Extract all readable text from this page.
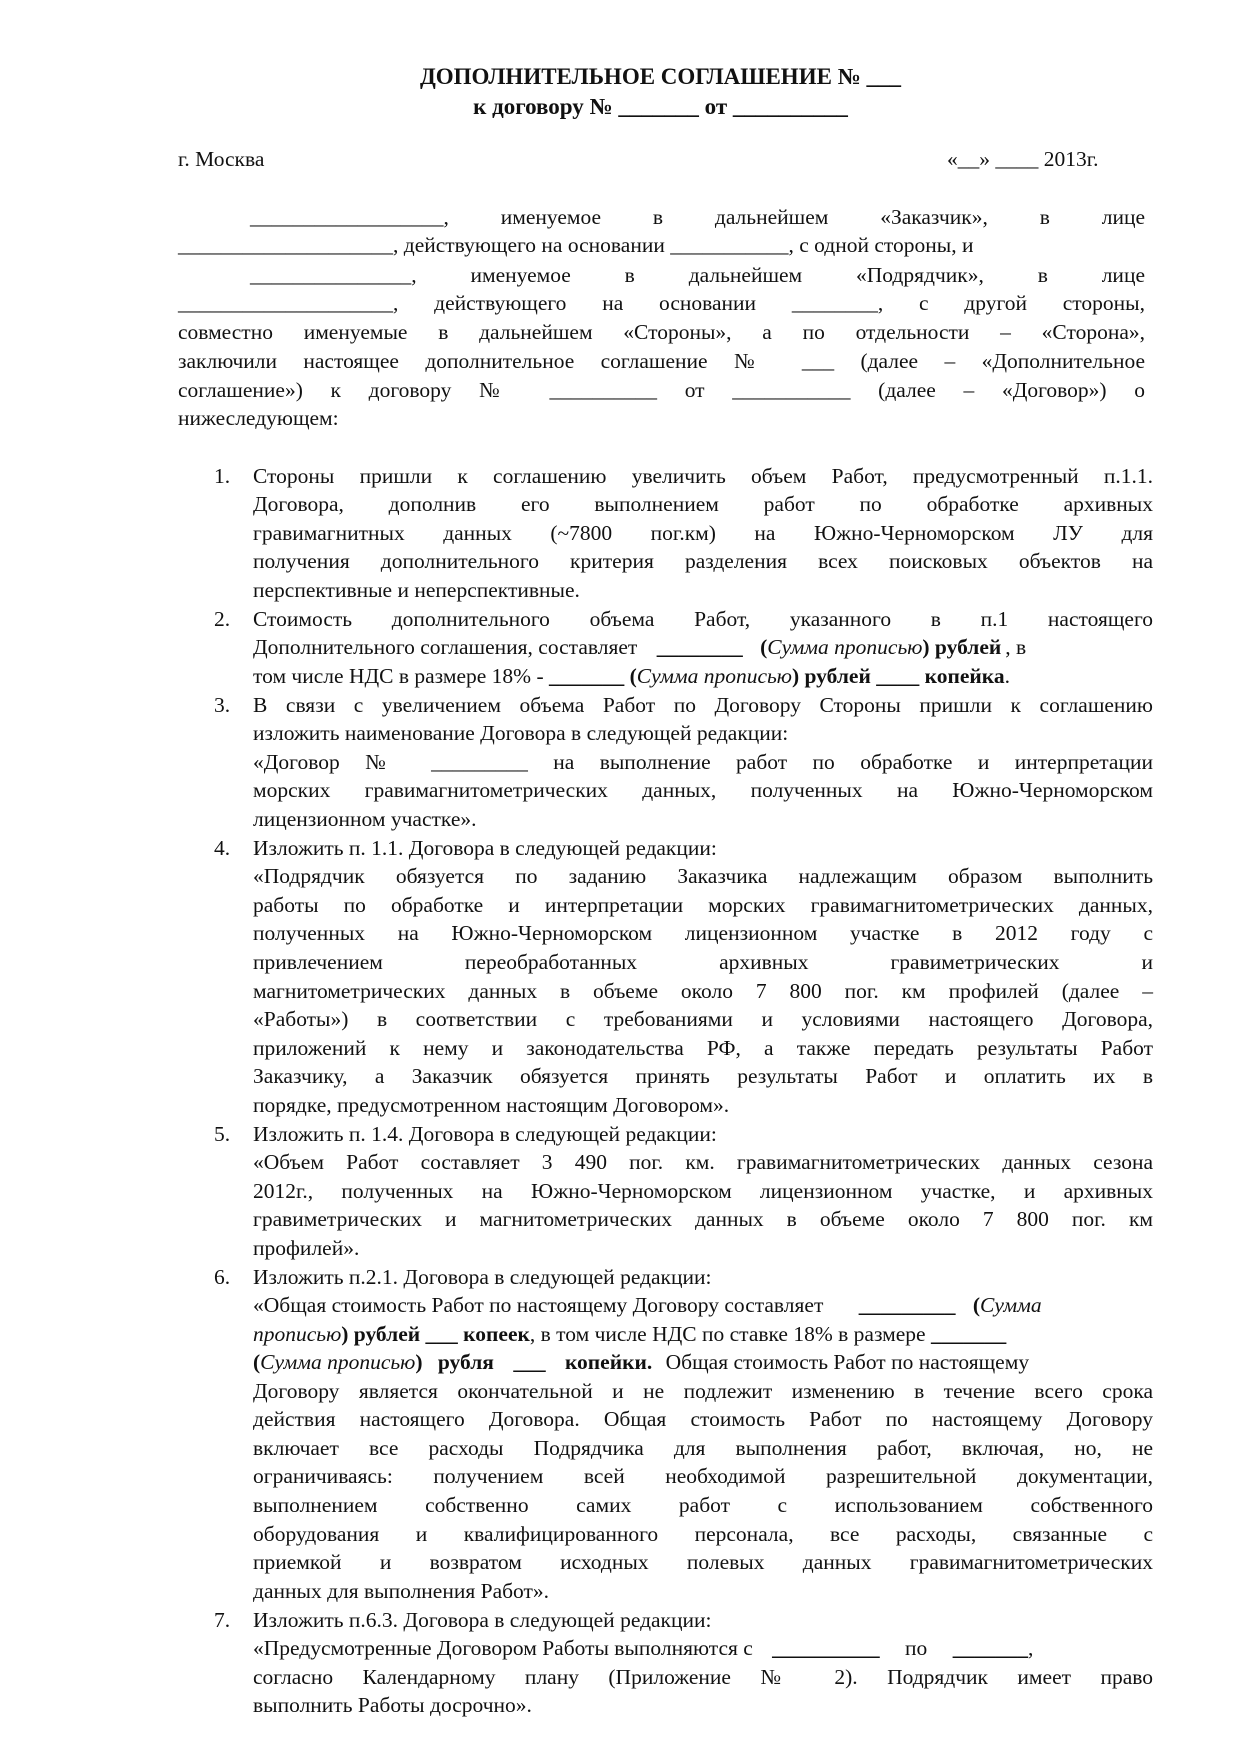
ДОПОЛНИТЕЛЬНОЕ СОГЛАШЕНИЕ № ___
к договору № _______ от __________
г. Москва	«__» ____ 2013г.
__________________, именуемое в дальнейшем «Заказчик», в лице
____________________, действующего на основании ___________, с одной стороны, и
_______________, именуемое в дальнейшем «Подрядчик», в лице
____________________, действующего на основании ________, с другой стороны,
совместно именуемые в дальнейшем «Стороны», а по отдельности – «Сторона»,
заключили настоящее дополнительное соглашение № ___ (далее – «Дополнительное
соглашение») к договору № __________ от ___________ (далее – «Договор») о
нижеследующем:
1. Стороны пришли к соглашению увеличить объем Работ, предусмотренный п.1.1.
Договора, дополнив его выполнением работ по обработке архивных
гравимагнитных данных (~7800 пог.км) на Южно-Черноморском ЛУ для
получения дополнительного критерия разделения всех поисковых объектов на
перспективные и неперспективные.
2. Стоимость дополнительного объема Работ, указанного в п.1 настоящего
Дополнительного соглашения, составляет ________ (Сумма прописью) рублей , в
том числе НДС в размере 18% - _______ (Сумма прописью) рублей ____ копейка.
3. В связи с увеличением объема Работ по Договору Стороны пришли к соглашению
изложить наименование Договора в следующей редакции:
«Договор № _________ на выполнение работ по обработке и интерпретации
морских гравимагнитометрических данных, полученных на Южно-Черноморском
лицензионном участке».
4. Изложить п. 1.1. Договора в следующей редакции:
«Подрядчик обязуется по заданию Заказчика надлежащим образом выполнить
работы по обработке и интерпретации морских гравимагнитометрических данных,
полученных на Южно-Черноморском лицензионном участке в 2012 году с
привлечением переобработанных архивных гравиметрических и
магнитометрических данных в объеме около 7 800 пог. км профилей (далее –
«Работы») в соответствии с требованиями и условиями настоящего Договора,
приложений к нему и законодательства РФ, а также передать результаты Работ
Заказчику, а Заказчик обязуется принять результаты Работ и оплатить их в
порядке, предусмотренном настоящим Договором».
5. Изложить п. 1.4. Договора в следующей редакции:
«Объем Работ составляет 3 490 пог. км. гравимагнитометрических данных сезона
2012г., полученных на Южно-Черноморском лицензионном участке, и архивных
гравиметрических и магнитометрических данных в объеме около 7 800 пог. км
профилей».
6. Изложить п.2.1. Договора в следующей редакции:
«Общая стоимость Работ по настоящему Договору составляет _________ (Сумма
прописью) рублей ___ копеек, в том числе НДС по ставке 18% в размере _______
(Сумма прописью) рубля ___ копейки. Общая стоимость Работ по настоящему
Договору является окончательной и не подлежит изменению в течение всего срока
действия настоящего Договора. Общая стоимость Работ по настоящему Договору
включает все расходы Подрядчика для выполнения работ, включая, но, не
ограничиваясь: получением всей необходимой разрешительной документации,
выполнением собственно самих работ с использованием собственного
оборудования и квалифицированного персонала, все расходы, связанные с
приемкой и возвратом исходных полевых данных гравимагнитометрических
данных для выполнения Работ».
7. Изложить п.6.3. Договора в следующей редакции:
«Предусмотренные Договором Работы выполняются с __________ по _______,
согласно Календарному плану (Приложение № 2). Подрядчик имеет право
выполнить Работы досрочно».
